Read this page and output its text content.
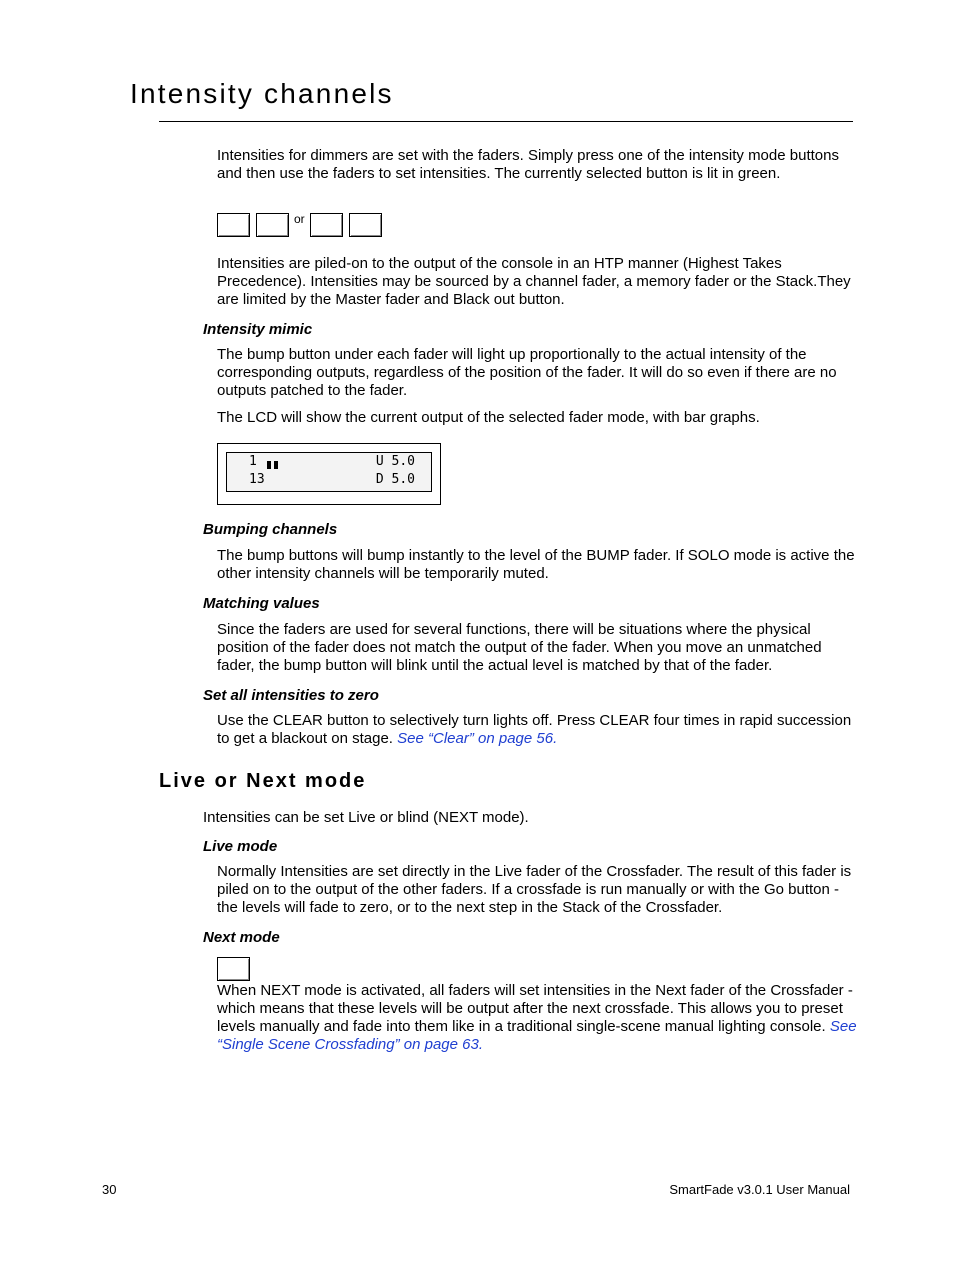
Intensity channels
Intensities for dimmers are set with the faders. Simply press one of the intensity mode buttons and then use the faders to set intensities. The currently selected button is lit in green.
or
Intensities are piled-on to the output of the console in an HTP manner (Highest Takes Precedence). Intensities may be sourced by a channel fader, a memory fader or the Stack.They are limited by the Master fader and Black out button.
Intensity mimic
The bump button under each fader will light up proportionally to the actual intensity of the corresponding outputs, regardless of the position of the fader. It will do so even if there are no outputs patched to the fader.
The LCD will show the current output of the selected fader mode, with bar graphs.
1	U 5.0
13	D 5.0
Bumping channels
The bump buttons will bump instantly to the level of the BUMP fader. If SOLO mode is active the other intensity channels will be temporarily muted.
Matching values
Since the faders are used for several functions, there will be situations where the physical position of the fader does not match the output of the fader. When you move an unmatched fader, the bump button will blink until the actual level is matched by that of the fader.
Set all intensities to zero
Use the CLEAR button to selectively turn lights off. Press CLEAR four times in rapid succession to get a blackout on stage. See “Clear” on page 56.
Live or Next mode
Intensities can be set Live or blind (NEXT mode).
Live mode
Normally Intensities are set directly in the Live fader of the Crossfader. The result of this fader is piled on to the output of the other faders. If a crossfade is run manually or with the Go button - the levels will fade to zero, or to the next step in the Stack of the Crossfader.
Next mode
When NEXT mode is activated, all faders will set intensities in the Next fader of the Crossfader - which means that these levels will be output after the next crossfade. This allows you to preset levels manually and fade into them like in a traditional single-scene manual lighting console. See “Single Scene Crossfading” on page 63.
30	SmartFade v3.0.1 User Manual
